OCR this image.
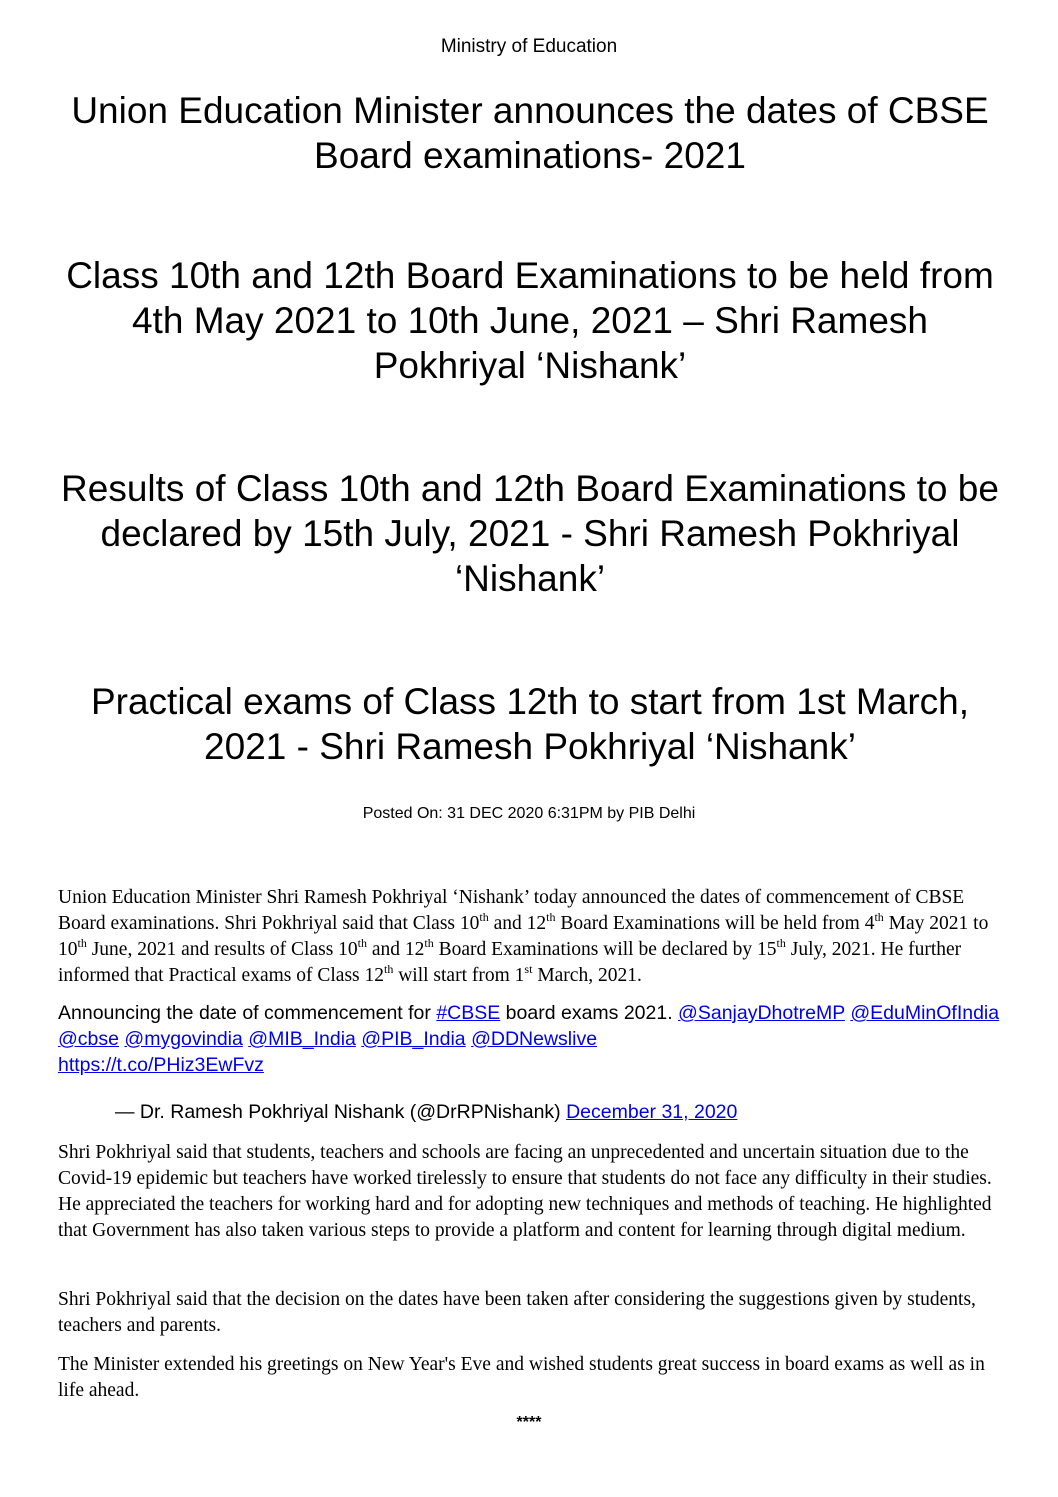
Ministry of Education
Union Education Minister announces the dates of CBSE Board examinations- 2021
Class 10th and 12th Board Examinations to be held from 4th May 2021 to 10th June, 2021 – Shri Ramesh Pokhriyal ‘Nishank’
Results of Class 10th and 12th Board Examinations to be declared by 15th July, 2021 - Shri Ramesh Pokhriyal ‘Nishank’
Practical exams of Class 12th to start from 1st March, 2021 - Shri Ramesh Pokhriyal ‘Nishank’
Posted On: 31 DEC 2020 6:31PM by PIB Delhi

Union Education Minister Shri Ramesh Pokhriyal ‘Nishank’ today announced the dates of commencement of CBSE Board examinations. Shri Pokhriyal said that Class 10th and 12th Board Examinations will be held from 4th May 2021 to 10th June, 2021 and results of Class 10th and 12th Board Examinations will be declared by 15th July, 2021. He further informed that Practical exams of Class 12th will start from 1st March, 2021.

Announcing the date of commencement for #CBSE board exams 2021. @SanjayDhotreMP @EduMinOfIndia @cbse @mygovindia @MIB_India @PIB_India @DDNewslive
https://t.co/PHiz3EwFvz

— Dr. Ramesh Pokhriyal Nishank (@DrRPNishank) December 31, 2020

Shri Pokhriyal said that students, teachers and schools are facing an unprecedented and uncertain situation due to the Covid-19 epidemic but teachers have worked tirelessly to ensure that students do not face any difficulty in their studies. He appreciated the teachers for working hard and for adopting new techniques and methods of teaching. He highlighted that Government has also taken various steps to provide a platform and content for learning through digital medium.

Shri Pokhriyal said that the decision on the dates have been taken after considering the suggestions given by students, teachers and parents.

The Minister extended his greetings on New Year's Eve and wished students great success in board exams as well as in life ahead.

****
